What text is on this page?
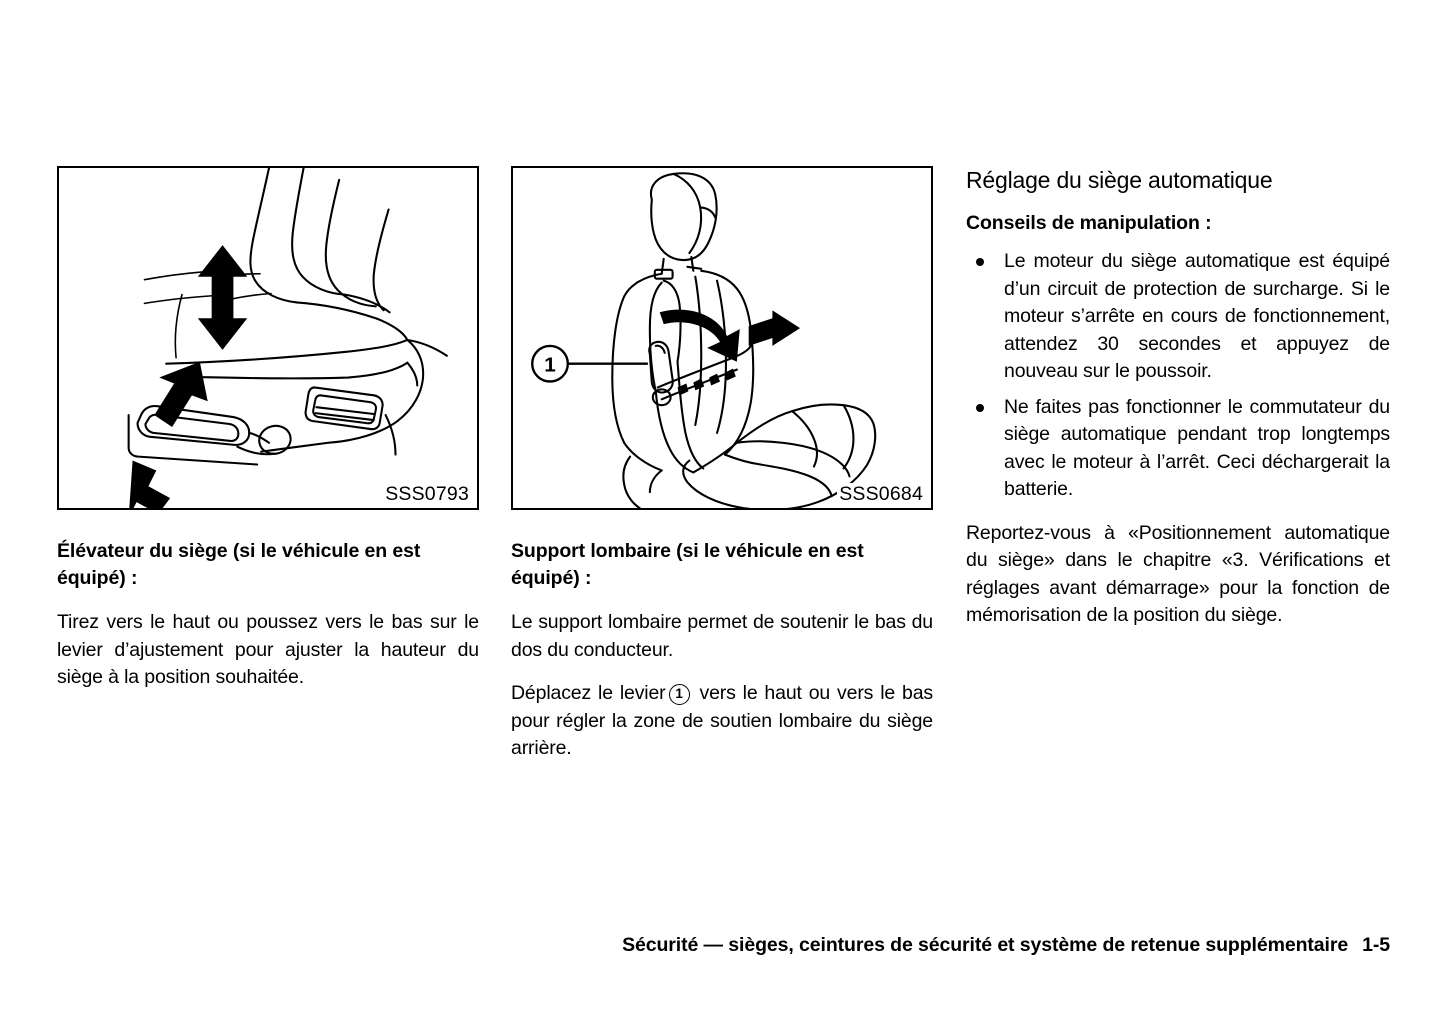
SSS0793
Élévateur du siège (si le véhicule en est équipé) :

Tirez vers le haut ou poussez vers le bas sur le levier d’ajustement pour ajuster la hauteur du siège à la position souhaitée.

1
SSS0684
Support lombaire (si le véhicule en est équipé) :

Le support lombaire permet de soutenir le bas du dos du conducteur.

Déplacez le levier 1 vers le haut ou vers le bas pour régler la zone de soutien lombaire du siège arrière.

Réglage du siège automatique
Conseils de manipulation :
Le moteur du siège automatique est équipé d’un circuit de protection de surcharge. Si le moteur s’arrête en cours de fonctionnement, attendez 30 secondes et appuyez de nouveau sur le poussoir.
Ne faites pas fonctionner le commutateur du siège automatique pendant trop longtemps avec le moteur à l’arrêt. Ceci déchargerait la batterie.

Reportez-vous à «Positionnement automatique du siège» dans le chapitre «3. Vérifications et réglages avant démarrage» pour la fonction de mémorisation de la position du siège.

Sécurité — sièges, ceintures de sécurité et système de retenue supplémentaire 1-5
